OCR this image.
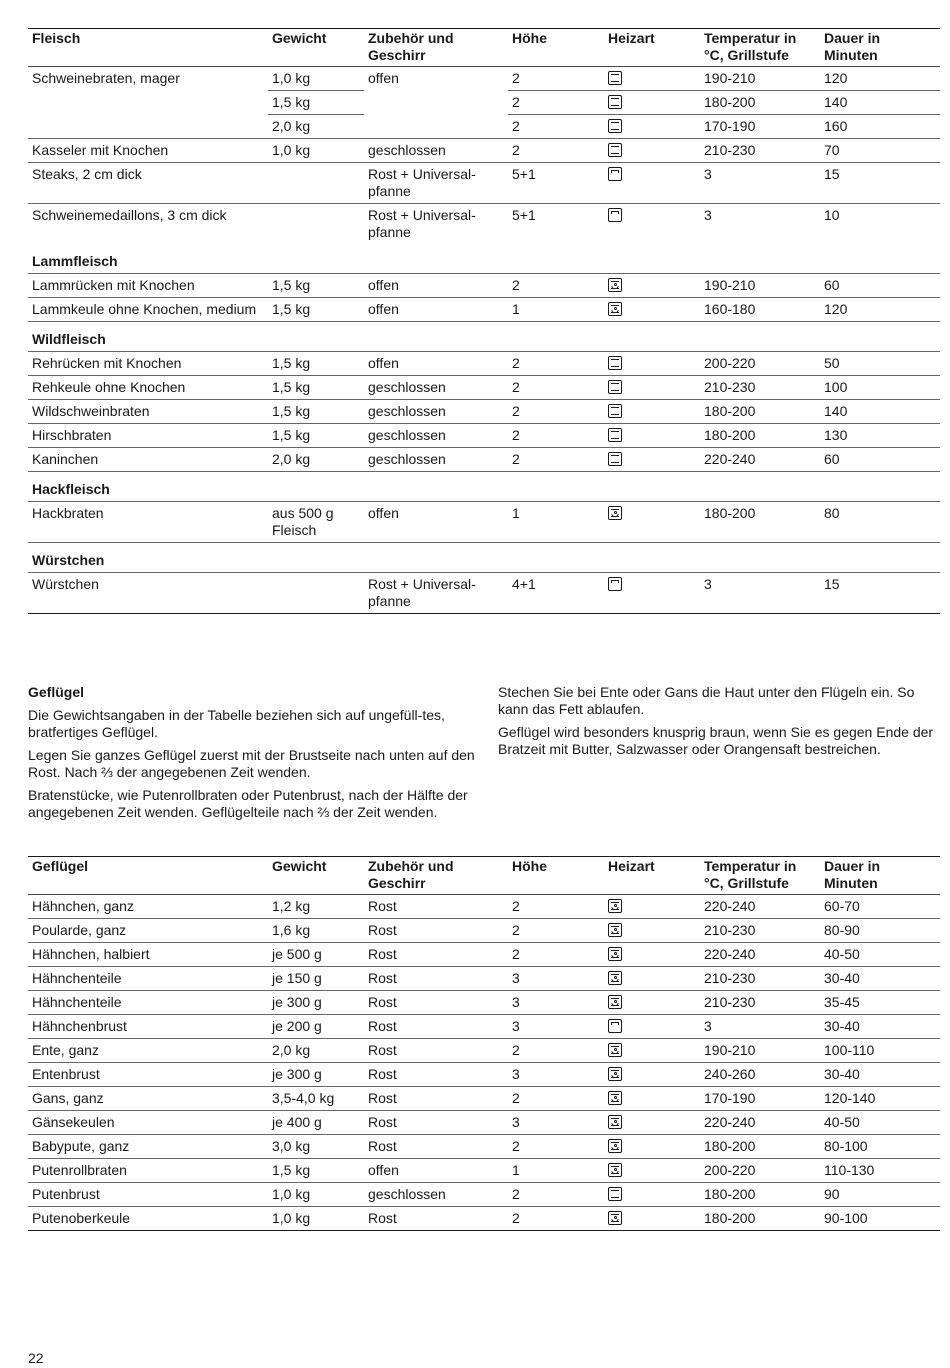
Fleisch	Gewicht	Zubehör und Geschirr	Höhe	Heizart	Temperatur in °C, Grillstufe	Dauer in Minuten
Schweinebraten, mager	1,0 kg	offen	2		190-210	120
	1,5 kg		2		180-200	140
	2,0 kg		2		170-190	160
Kasseler mit Knochen	1,0 kg	geschlossen	2		210-230	70
Steaks, 2 cm dick		Rost + Universal-pfanne	5+1		3	15
Schweinemedaillons, 3 cm dick		Rost + Universal-pfanne	5+1		3	10
Lammfleisch						
Lammrücken mit Knochen	1,5 kg	offen	2		190-210	60
Lammkeule ohne Knochen, medium	1,5 kg	offen	1		160-180	120
Wildfleisch						
Rehrücken mit Knochen	1,5 kg	offen	2		200-220	50
Rehkeule ohne Knochen	1,5 kg	geschlossen	2		210-230	100
Wildschweinbraten	1,5 kg	geschlossen	2		180-200	140
Hirschbraten	1,5 kg	geschlossen	2		180-200	130
Kaninchen	2,0 kg	geschlossen	2		220-240	60
Hackfleisch						
Hackbraten	aus 500 g Fleisch	offen	1		180-200	80
Würstchen						
Würstchen		Rost + Universal-pfanne	4+1		3	15
Geflügel

Die Gewichtsangaben in der Tabelle beziehen sich auf ungefüll-tes, bratfertiges Geflügel.

Legen Sie ganzes Geflügel zuerst mit der Brustseite nach unten auf den Rost. Nach ⅔ der angegebenen Zeit wenden.

Bratenstücke, wie Putenrollbraten oder Putenbrust, nach der Hälfte der angegebenen Zeit wenden. Geflügelteile nach ⅔ der Zeit wenden.

Stechen Sie bei Ente oder Gans die Haut unter den Flügeln ein. So kann das Fett ablaufen.

Geflügel wird besonders knusprig braun, wenn Sie es gegen Ende der Bratzeit mit Butter, Salzwasser oder Orangensaft bestreichen.

Geflügel	Gewicht	Zubehör und Geschirr	Höhe	Heizart	Temperatur in °C, Grillstufe	Dauer in Minuten
Hähnchen, ganz	1,2 kg	Rost	2		220-240	60-70
Poularde, ganz	1,6 kg	Rost	2		210-230	80-90
Hähnchen, halbiert	je 500 g	Rost	2		220-240	40-50
Hähnchenteile	je 150 g	Rost	3		210-230	30-40
Hähnchenteile	je 300 g	Rost	3		210-230	35-45
Hähnchenbrust	je 200 g	Rost	3		3	30-40
Ente, ganz	2,0 kg	Rost	2		190-210	100-110
Entenbrust	je 300 g	Rost	3		240-260	30-40
Gans, ganz	3,5-4,0 kg	Rost	2		170-190	120-140
Gänsekeulen	je 400 g	Rost	3		220-240	40-50
Babypute, ganz	3,0 kg	Rost	2		180-200	80-100
Putenrollbraten	1,5 kg	offen	1		200-220	110-130
Putenbrust	1,0 kg	geschlossen	2		180-200	90
Putenoberkeule	1,0 kg	Rost	2		180-200	90-100
22
